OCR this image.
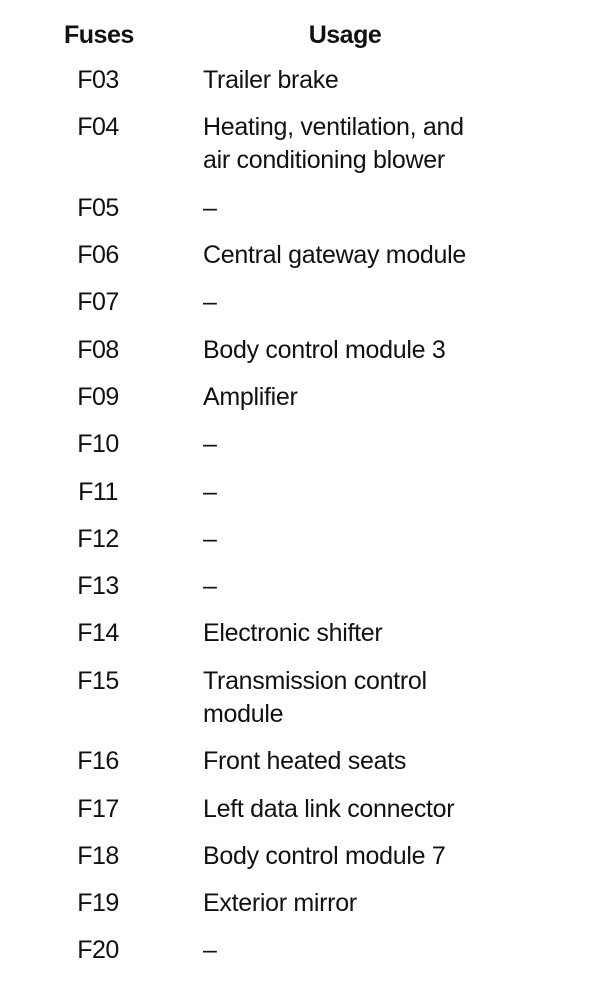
Fuses	Usage
F03	Trailer brake
F04	Heating, ventilation, and
air conditioning blower
F05	–
F06	Central gateway module
F07	–
F08	Body control module 3
F09	Amplifier
F10	–
F11	–
F12	–
F13	–
F14	Electronic shifter
F15	Transmission control
module
F16	Front heated seats
F17	Left data link connector
F18	Body control module 7
F19	Exterior mirror
F20	–
